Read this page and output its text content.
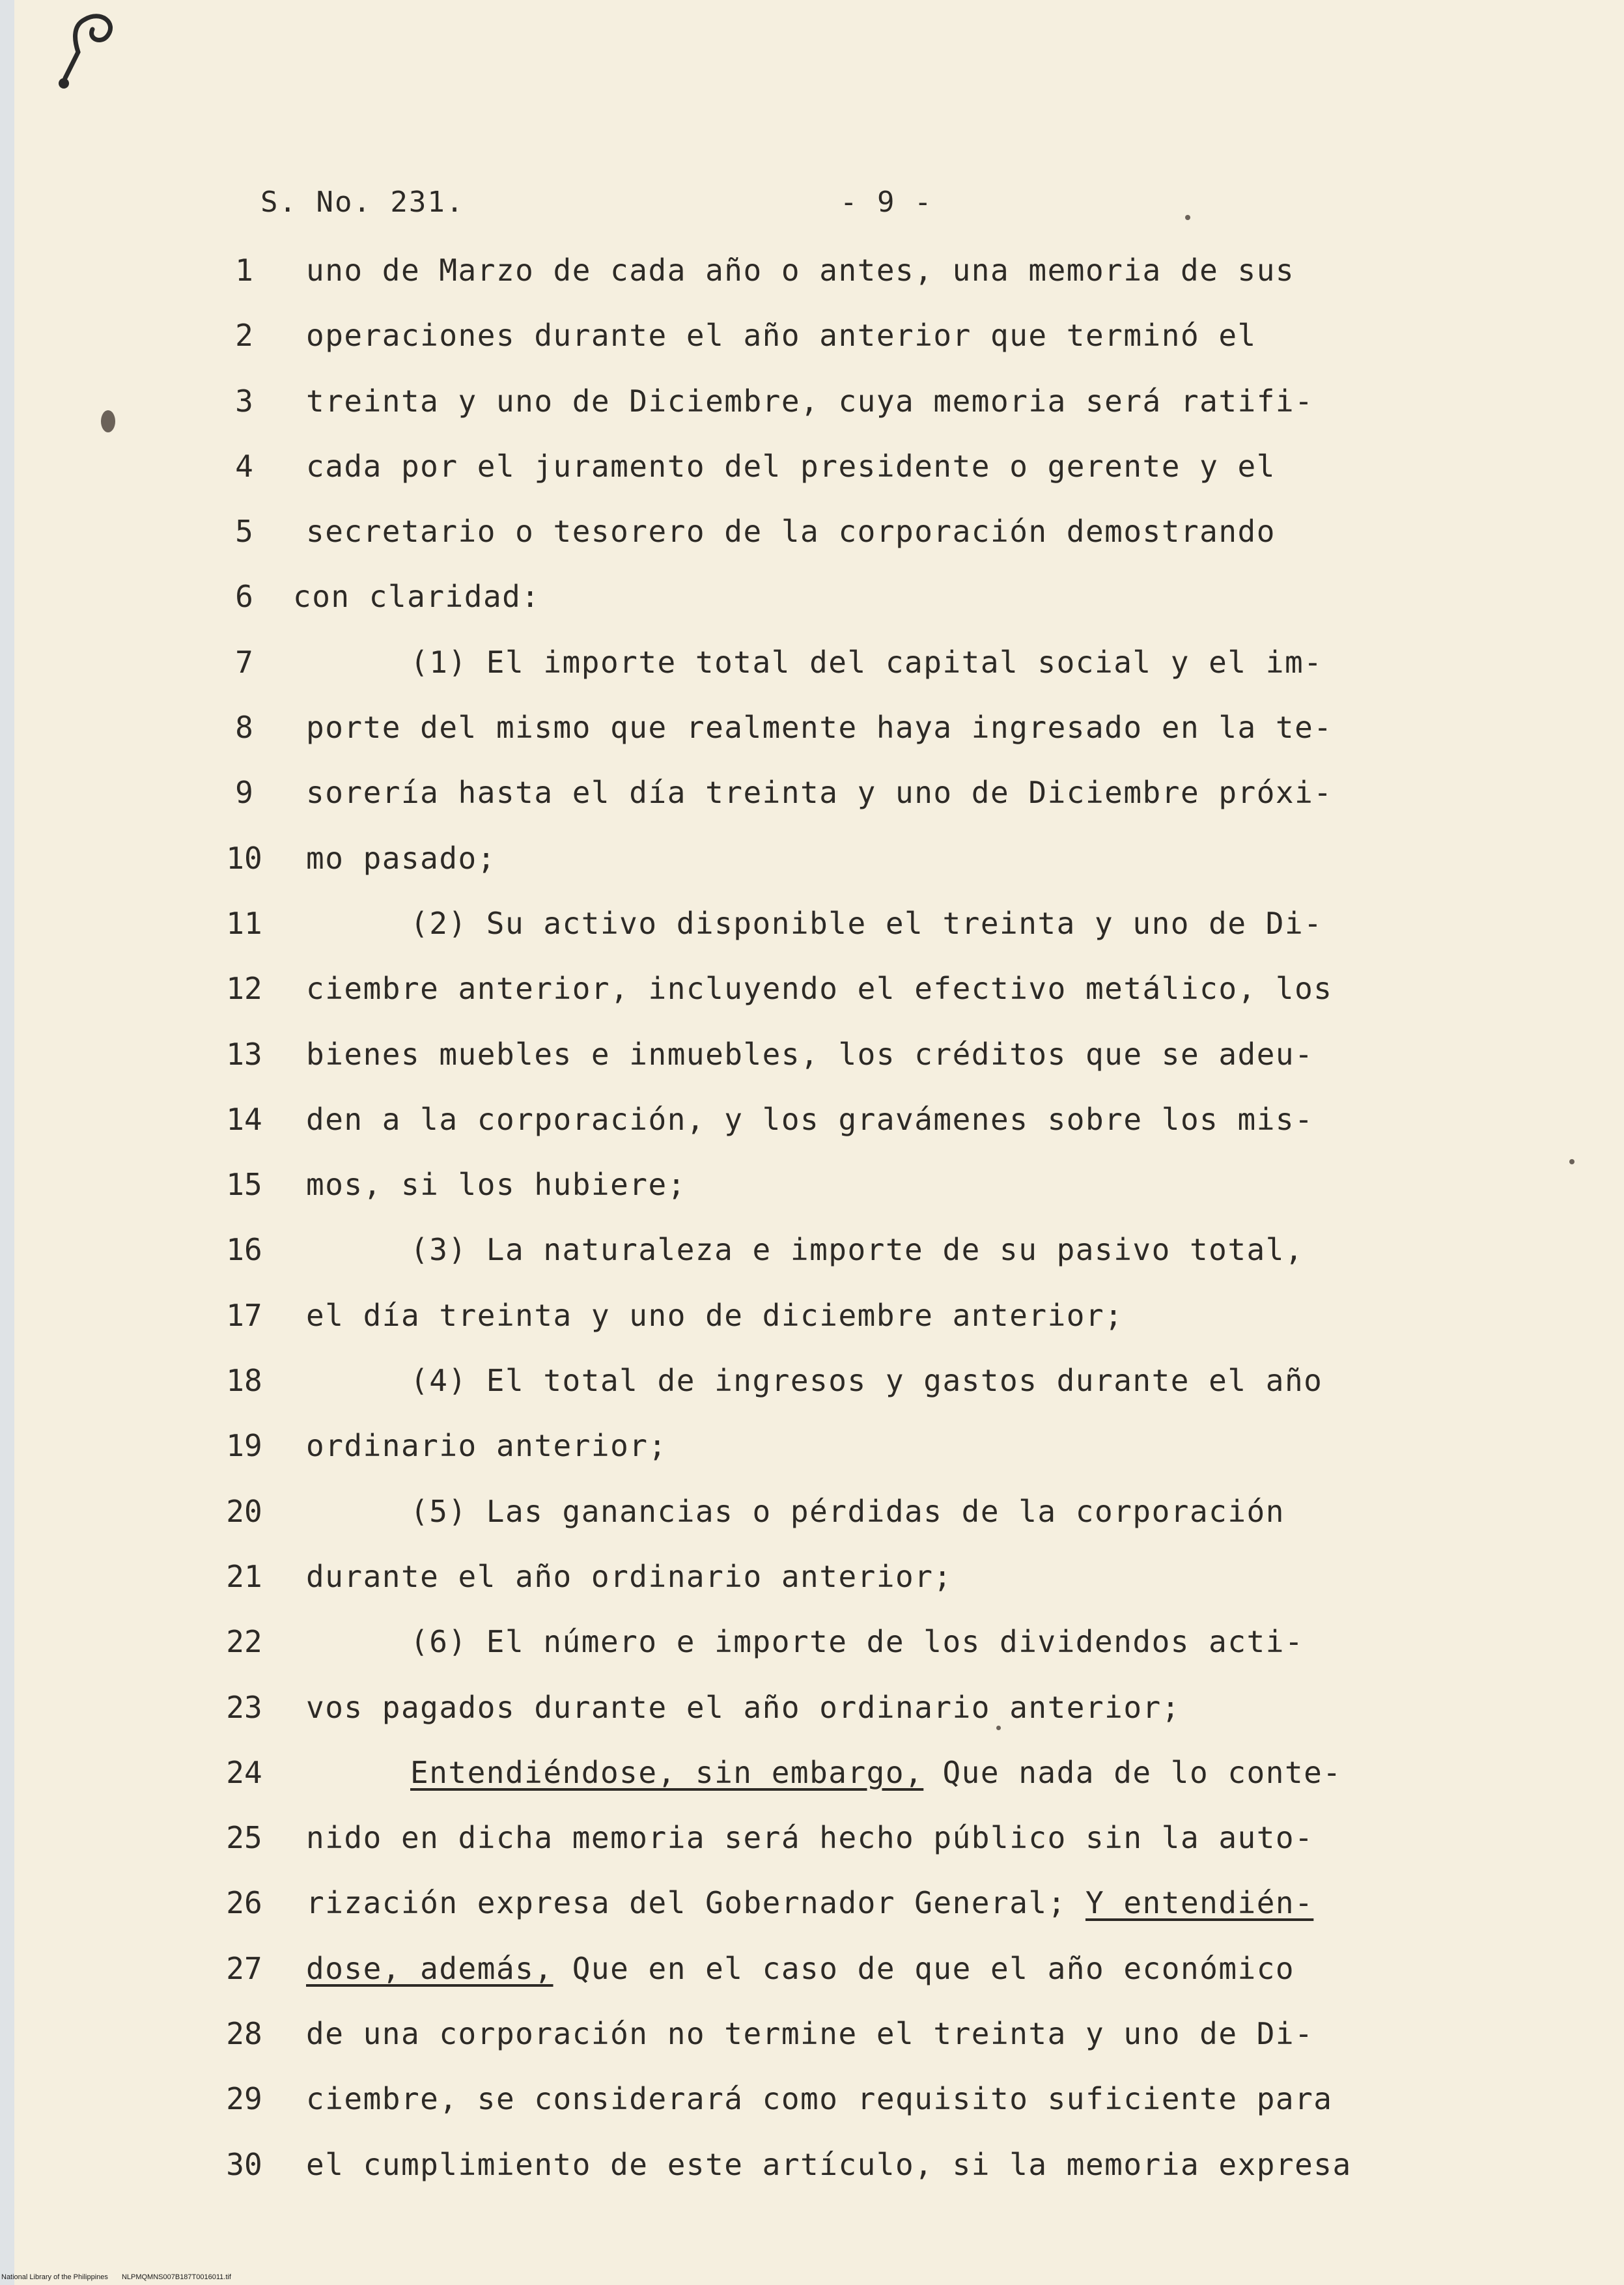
S. No. 231.	- 9 -
1	uno de Marzo de cada año o antes, una memoria de sus
2	operaciones durante el año anterior que terminó el
3	treinta y uno de Diciembre, cuya memoria será ratifi-
4	cada por el juramento del presidente o gerente y el
5	secretario o tesorero de la corporación demostrando
6	con claridad:
7	(1) El importe total del capital social y el im-
8	porte del mismo que realmente haya ingresado en la te-
9	sorería hasta el día treinta y uno de Diciembre próxi-
10	mo pasado;
11	(2) Su activo disponible el treinta y uno de Di-
12	ciembre anterior, incluyendo el efectivo metálico, los
13	bienes muebles e inmuebles, los créditos que se adeu-
14	den a la corporación, y los gravámenes sobre los mis-
15	mos, si los hubiere;
16	(3) La naturaleza e importe de su pasivo total,
17	el día treinta y uno de diciembre anterior;
18	(4) El total de ingresos y gastos durante el año
19	ordinario anterior;
20	(5) Las ganancias o pérdidas de la corporación
21	durante el año ordinario anterior;
22	(6) El número e importe de los dividendos acti-
23	vos pagados durante el año ordinario anterior;
24	Entendiéndose, sin embargo, Que nada de lo conte-
25	nido en dicha memoria será hecho público sin la auto-
26	rización expresa del Gobernador General; Y entendién-
27	dose, además, Que en el caso de que el año económico
28	de una corporación no termine el treinta y uno de Di-
29	ciembre, se considerará como requisito suficiente para
30	el cumplimiento de este artículo, si la memoria expresa
National Library of the Philippines NLPMQMNS007B187T0016011.tif
